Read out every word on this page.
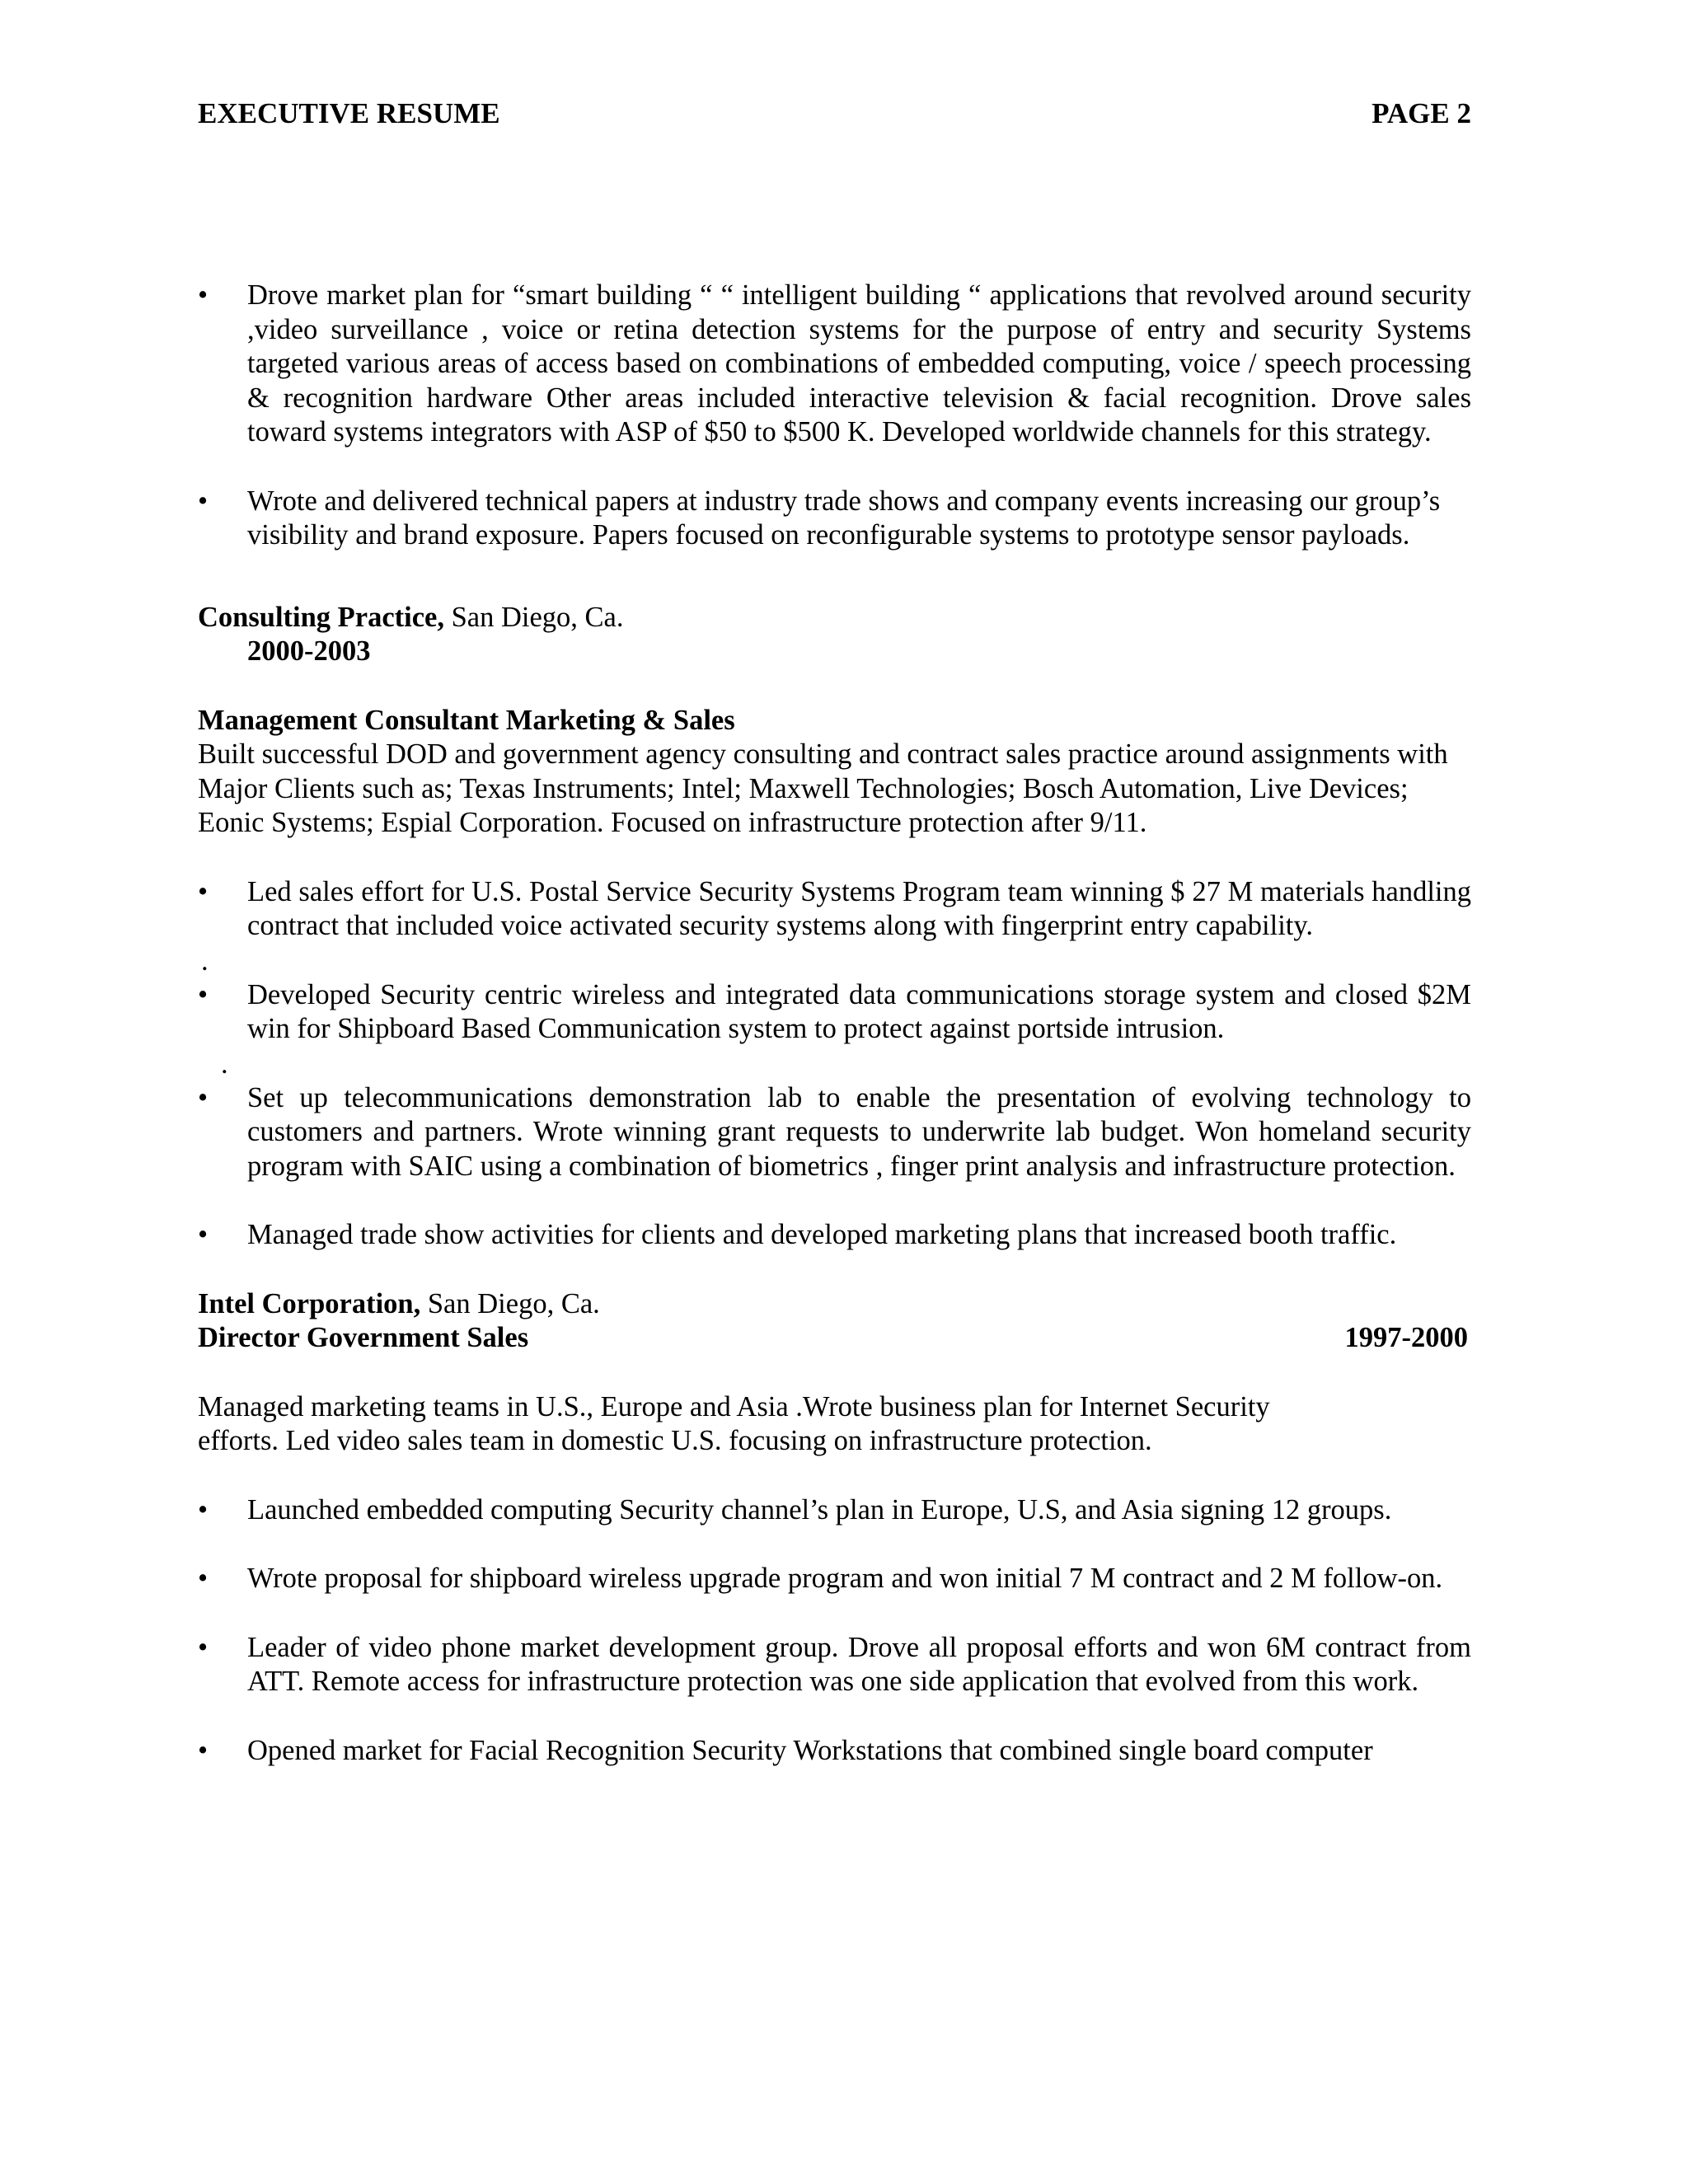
EXECUTIVE RESUME	PAGE 2
• Drove market plan for “smart building “ “ intelligent building “ applications that revolved around security ,video surveillance , voice or retina detection systems for the purpose of entry and security Systems targeted various areas of access based on combinations of embedded computing, voice / speech processing & recognition hardware Other areas included interactive television & facial recognition. Drove sales toward systems integrators with ASP of $50 to $500 K. Developed worldwide channels for this strategy.
• Wrote and delivered technical papers at industry trade shows and company events increasing our group’s
visibility and brand exposure. Papers focused on reconfigurable systems to prototype sensor payloads.
Consulting Practice, San Diego, Ca.
2000-2003
Management Consultant Marketing & Sales
Built successful DOD and government agency consulting and contract sales practice around assignments with Major Clients such as; Texas Instruments; Intel; Maxwell Technologies; Bosch Automation, Live Devices; Eonic Systems; Espial Corporation. Focused on infrastructure protection after 9/11.
• Led sales effort for U.S. Postal Service Security Systems Program team winning $ 27 M materials handling contract that included voice activated security systems along with fingerprint entry capability.
.
• Developed Security centric wireless and integrated data communications storage system and closed $2M win for Shipboard Based Communication system to protect against portside intrusion.
.
• Set up telecommunications demonstration lab to enable the presentation of evolving technology to customers and partners. Wrote winning grant requests to underwrite lab budget. Won homeland security program with SAIC using a combination of biometrics , finger print analysis and infrastructure protection.
• Managed trade show activities for clients and developed marketing plans that increased booth traffic.
Intel Corporation, San Diego, Ca.
Director Government Sales	1997-2000
Managed marketing teams in U.S., Europe and Asia .Wrote business plan for Internet Security
efforts. Led video sales team in domestic U.S. focusing on infrastructure protection.
• Launched embedded computing Security channel’s plan in Europe, U.S, and Asia signing 12 groups.
• Wrote proposal for shipboard wireless upgrade program and won initial 7 M contract and 2 M follow-on.
• Leader of video phone market development group. Drove all proposal efforts and won 6M contract from ATT. Remote access for infrastructure protection was one side application that evolved from this work.
• Opened market for Facial Recognition Security Workstations that combined single board computer
